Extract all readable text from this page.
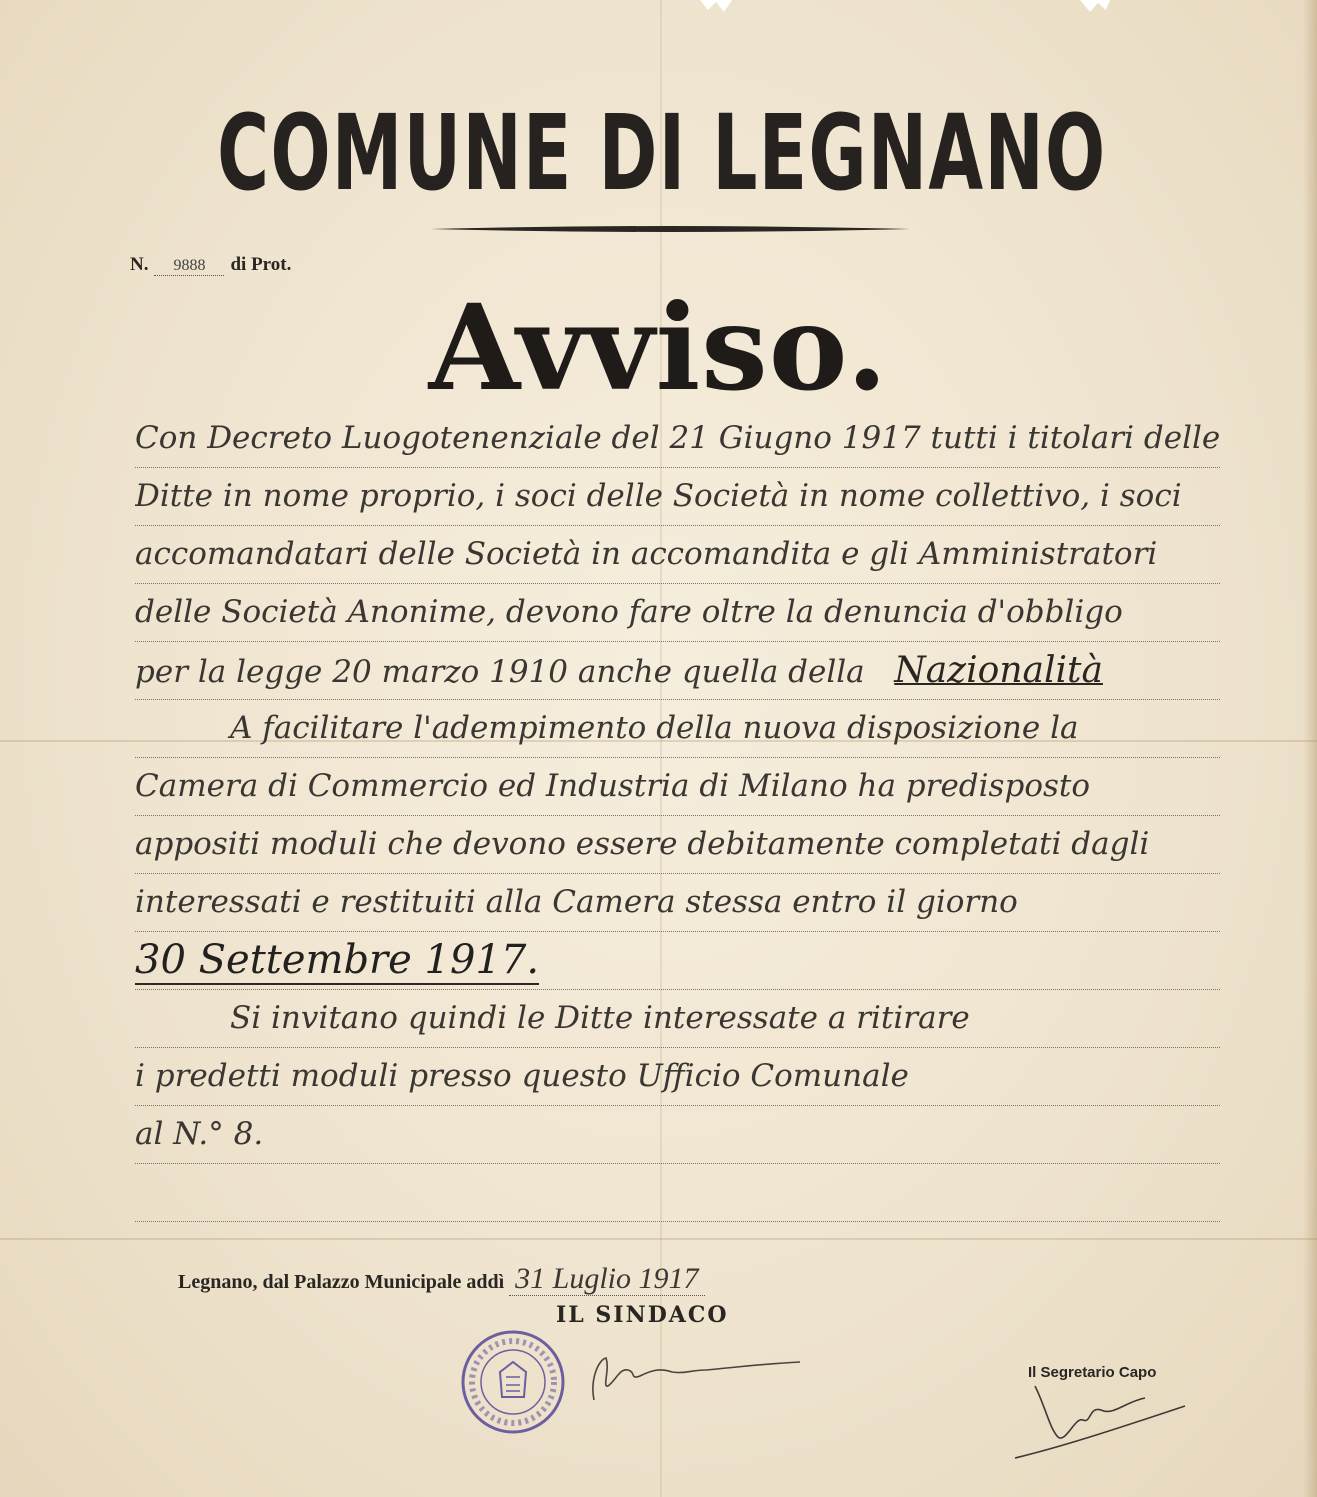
COMUNE DI LEGNANO
N. 9888 di Prot.
Avviso.
Con Decreto Luogotenenziale del 21 Giugno 1917 tutti i titolari delle
Ditte in nome proprio, i soci delle Società in nome collettivo, i soci
accomandatari delle Società in accomandita e gli Amministratori
delle Società Anonime, devono fare oltre la denuncia d'obbligo
per la legge 20 marzo 1910 anche quella della Nazionalità
A facilitare l'adempimento della nuova disposizione la
Camera di Commercio ed Industria di Milano ha predisposto
appositi moduli che devono essere debitamente completati dagli
interessati e restituiti alla Camera stessa entro il giorno
30 Settembre 1917.
Si invitano quindi le Ditte interessate a ritirare
i predetti moduli presso questo Ufficio Comunale
al N.° 8.
Legnano, dal Palazzo Municipale addì 31 Luglio 1917
IL SINDACO
Il Segretario Capo
